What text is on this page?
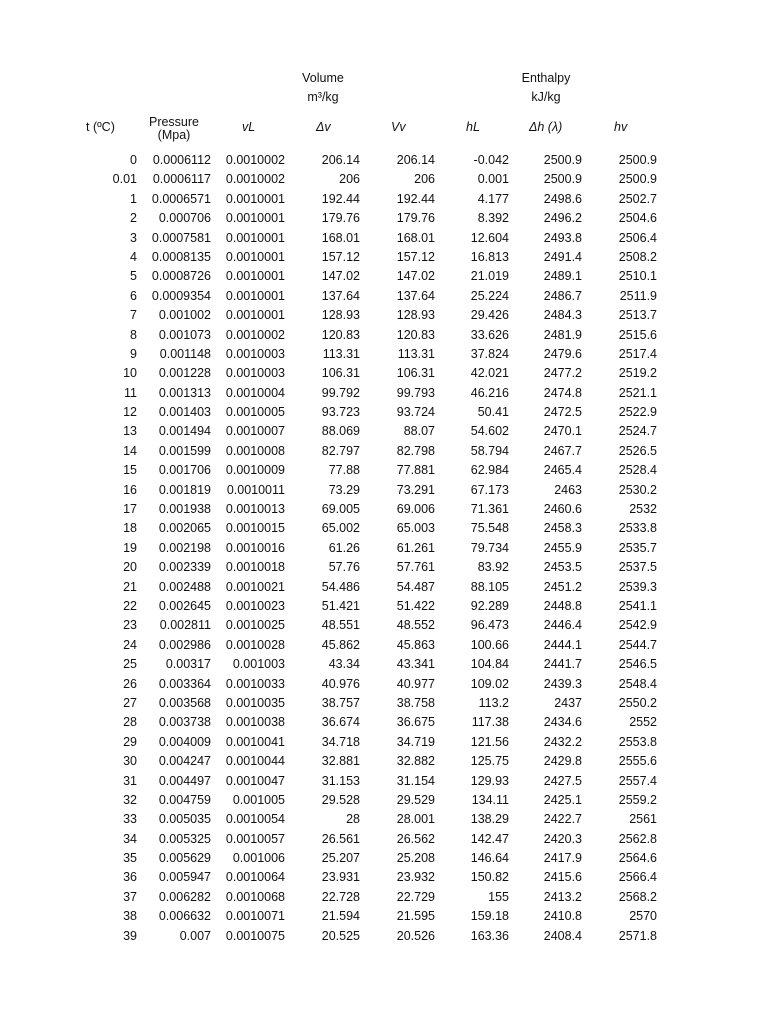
Volume
m³/kg
Enthalpy
kJ/kg
t (ºC)	Pressure
(Mpa)
vL	Δv	Vv	hL	Δh (λ)	hv
0	0.0006112	0.0010002	206.14	206.14	-0.042	2500.9	2500.9
0.01	0.0006117	0.0010002	206	206	0.001	2500.9	2500.9
1	0.0006571	0.0010001	192.44	192.44	4.177	2498.6	2502.7
2	0.000706	0.0010001	179.76	179.76	8.392	2496.2	2504.6
3	0.0007581	0.0010001	168.01	168.01	12.604	2493.8	2506.4
4	0.0008135	0.0010001	157.12	157.12	16.813	2491.4	2508.2
5	0.0008726	0.0010001	147.02	147.02	21.019	2489.1	2510.1
6	0.0009354	0.0010001	137.64	137.64	25.224	2486.7	2511.9
7	0.001002	0.0010001	128.93	128.93	29.426	2484.3	2513.7
8	0.001073	0.0010002	120.83	120.83	33.626	2481.9	2515.6
9	0.001148	0.0010003	113.31	113.31	37.824	2479.6	2517.4
10	0.001228	0.0010003	106.31	106.31	42.021	2477.2	2519.2
11	0.001313	0.0010004	99.792	99.793	46.216	2474.8	2521.1
12	0.001403	0.0010005	93.723	93.724	50.41	2472.5	2522.9
13	0.001494	0.0010007	88.069	88.07	54.602	2470.1	2524.7
14	0.001599	0.0010008	82.797	82.798	58.794	2467.7	2526.5
15	0.001706	0.0010009	77.88	77.881	62.984	2465.4	2528.4
16	0.001819	0.0010011	73.29	73.291	67.173	2463	2530.2
17	0.001938	0.0010013	69.005	69.006	71.361	2460.6	2532
18	0.002065	0.0010015	65.002	65.003	75.548	2458.3	2533.8
19	0.002198	0.0010016	61.26	61.261	79.734	2455.9	2535.7
20	0.002339	0.0010018	57.76	57.761	83.92	2453.5	2537.5
21	0.002488	0.0010021	54.486	54.487	88.105	2451.2	2539.3
22	0.002645	0.0010023	51.421	51.422	92.289	2448.8	2541.1
23	0.002811	0.0010025	48.551	48.552	96.473	2446.4	2542.9
24	0.002986	0.0010028	45.862	45.863	100.66	2444.1	2544.7
25	0.00317	0.001003	43.34	43.341	104.84	2441.7	2546.5
26	0.003364	0.0010033	40.976	40.977	109.02	2439.3	2548.4
27	0.003568	0.0010035	38.757	38.758	113.2	2437	2550.2
28	0.003738	0.0010038	36.674	36.675	117.38	2434.6	2552
29	0.004009	0.0010041	34.718	34.719	121.56	2432.2	2553.8
30	0.004247	0.0010044	32.881	32.882	125.75	2429.8	2555.6
31	0.004497	0.0010047	31.153	31.154	129.93	2427.5	2557.4
32	0.004759	0.001005	29.528	29.529	134.11	2425.1	2559.2
33	0.005035	0.0010054	28	28.001	138.29	2422.7	2561
34	0.005325	0.0010057	26.561	26.562	142.47	2420.3	2562.8
35	0.005629	0.001006	25.207	25.208	146.64	2417.9	2564.6
36	0.005947	0.0010064	23.931	23.932	150.82	2415.6	2566.4
37	0.006282	0.0010068	22.728	22.729	155	2413.2	2568.2
38	0.006632	0.0010071	21.594	21.595	159.18	2410.8	2570
39	0.007	0.0010075	20.525	20.526	163.36	2408.4	2571.8
